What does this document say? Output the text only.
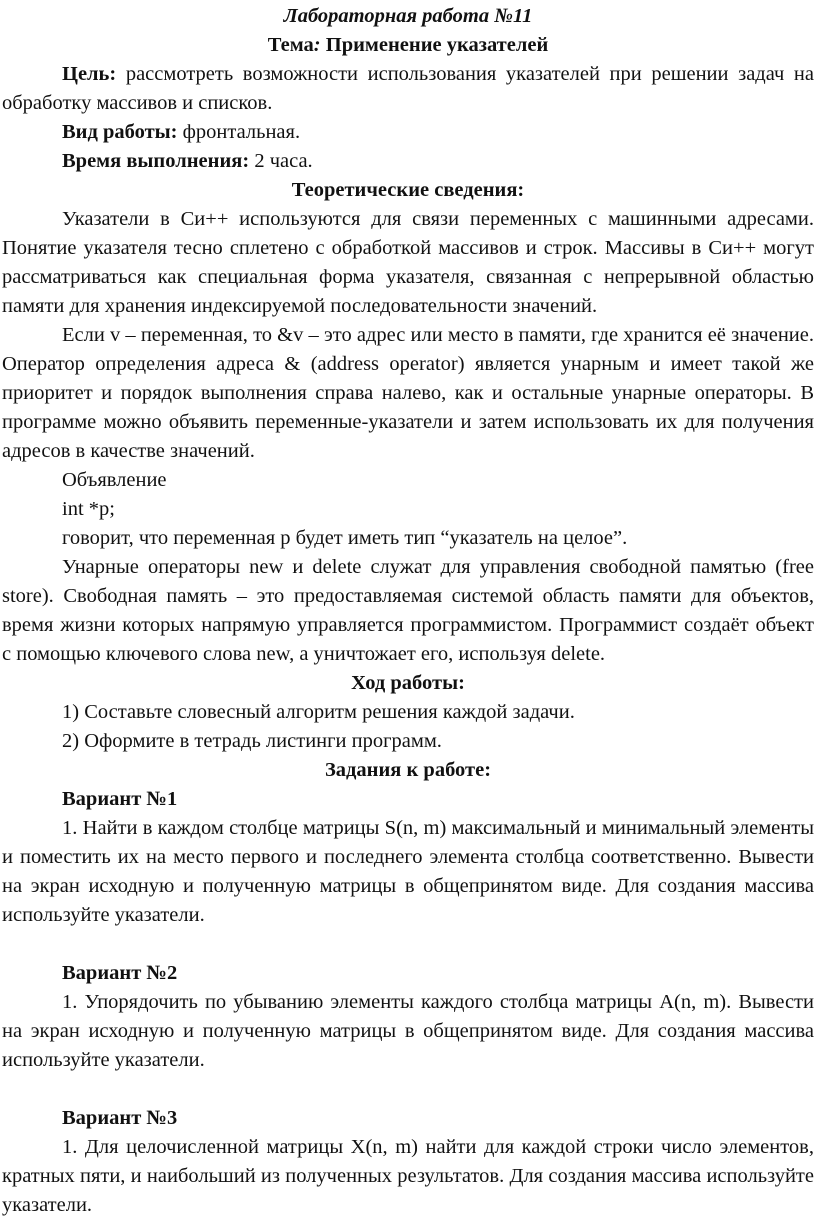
Лабораторная работа №11
Тема: Применение указателей

Цель: рассмотреть возможности использования указателей при решении задач на обработку массивов и списков.

Вид работы: фронтальная.

Время выполнения: 2 часа.

Теоретические сведения:

Указатели в Си++ используются для связи переменных с машинными адресами. Понятие указателя тесно сплетено с обработкой массивов и строк. Массивы в Си++ могут рассматриваться как специальная форма указателя, связанная с непрерывной областью памяти для хранения индексируемой последовательности значений.

Если v – переменная, то &v – это адрес или место в памяти, где хранится её значение. Оператор определения адреса & (address operator) является унарным и имеет такой же приоритет и порядок выполнения справа налево, как и остальные унарные операторы. В программе можно объявить переменные-указатели и затем использовать их для получения адресов в качестве значений.

Объявление

int *p;

говорит, что переменная p будет иметь тип “указатель на целое”.

Унарные операторы new и delete служат для управления свободной памятью (free store). Свободная память – это предоставляемая системой область памяти для объектов, время жизни которых напрямую управляется программистом. Программист создаёт объект с помощью ключевого слова new, а уничтожает его, используя delete.

Ход работы:

1) Составьте словесный алгоритм решения каждой задачи.

2) Оформите в тетрадь листинги программ.

Задания к работе:

Вариант №1

1. Найти в каждом столбце матрицы S(n, m) максимальный и минимальный элементы и поместить их на место первого и последнего элемента столбца соответственно. Вывести на экран исходную и полученную матрицы в общепринятом виде. Для создания массива используйте указатели.

Вариант №2

1. Упорядочить по убыванию элементы каждого столбца матрицы A(n, m). Вывести на экран исходную и полученную матрицы в общепринятом виде. Для создания массива используйте указатели.

Вариант №3

1. Для целочисленной матрицы X(n, m) найти для каждой строки число элементов, кратных пяти, и наибольший из полученных результатов. Для создания массива используйте указатели.
